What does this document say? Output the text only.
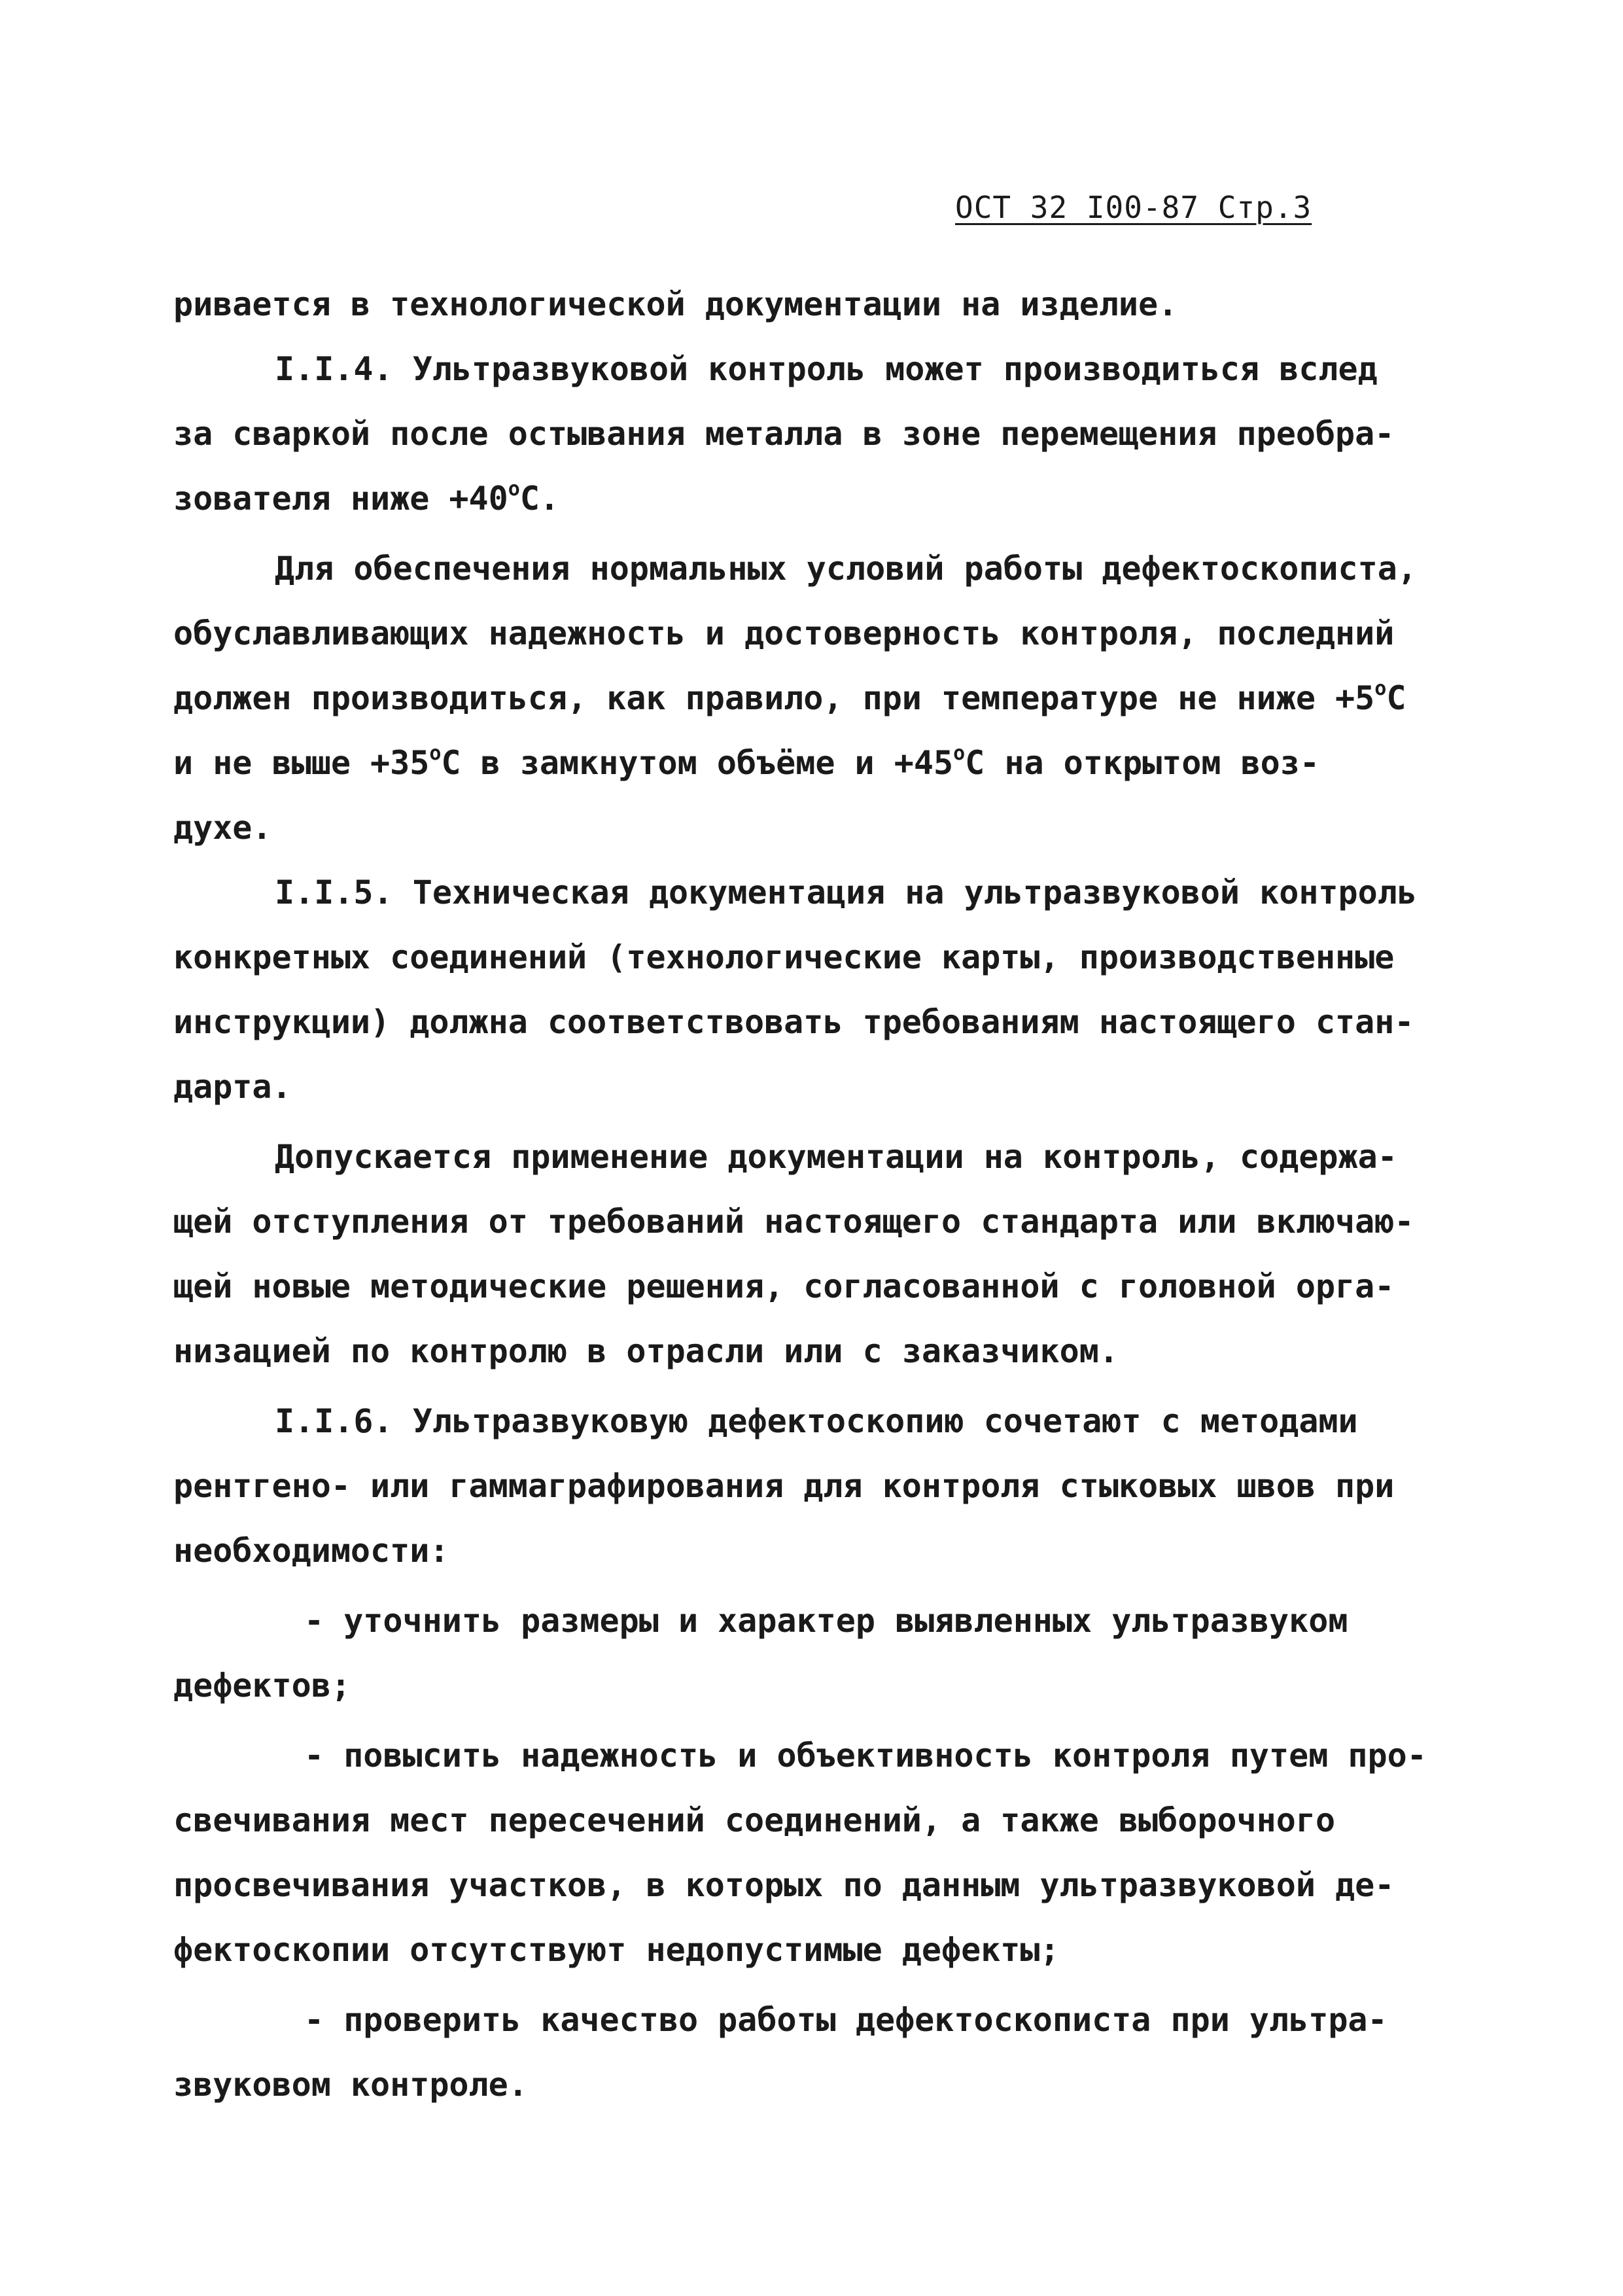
ОСТ 32 I00-87 Стр.3
ривается в технологической документации на изделие.
I.I.4. Ультразвуковой контроль может производиться вслед
за сваркой после остывания металла в зоне перемещения преобра-
зователя ниже $+40^оС$.
Для обеспечения нормальных условий работы дефектоскописта,
обуславливающих надежность и достоверность контроля, последний
должен производиться, как правило, при температуре не ниже $+5^оС$
и не выше $+35^оС$ в замкнутом объёме $и +45^оС$ на открытом воз-
духе.
I.I.5. Техническая документация на ультразвуковой контроль
конкретных соединений (технологические карты, производственные
инструкции) должна соответствовать требованиям настоящего стан-
дарта.
Допускается применение документации на контроль, содержа-
щей отступления от требований настоящего стандарта или включаю-
щей новые методические решения, согласованной с головной орга-
низацией по контролю в отрасли или с заказчиком.
I.I.6. Ультразвуковую дефектоскопию сочетают с методами
рентгено- или гаммаграфирования для контроля стыковых швов при
необходимости:
- уточнить размеры и характер выявленных ультразвуком
дефектов;
- повысить надежность и объективность контроля путем про-
свечивания мест пересечений соединений, а также выборочного
просвечивания участков, в которых по данным ультразвуковой де-
фектоскопии отсутствуют недопустимые дефекты;
- проверить качество работы дефектоскописта при ультра-
звуковом контроле.
